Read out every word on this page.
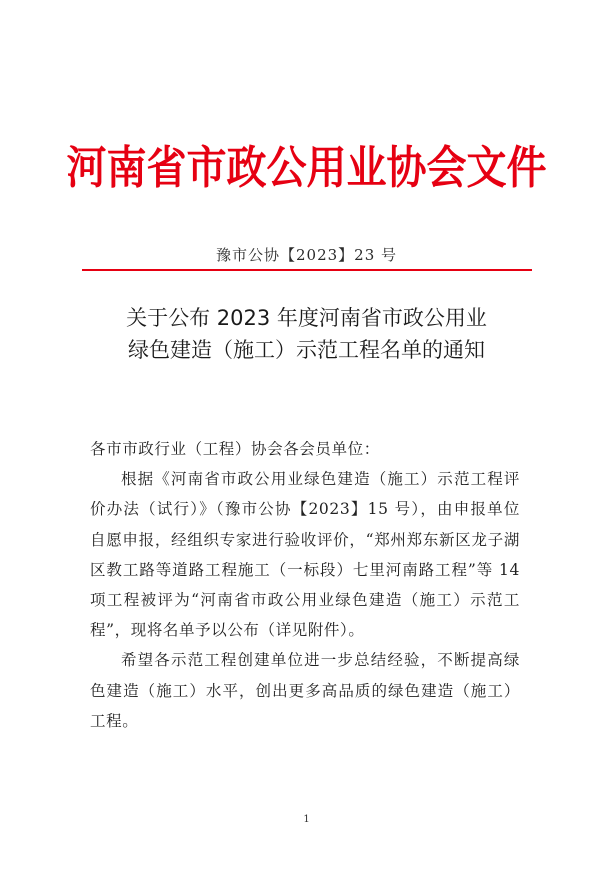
河南省市政公用业协会文件
豫市公协【2023】23 号
关于公布 2023 年度河南省市政公用业
绿色建造（施工）示范工程名单的通知

各市市政行业（工程）协会各会员单位：

根据《河南省市政公用业绿色建造（施工）示范工程评价办法（试行）》（豫市公协【2023】15 号），由申报单位自愿申报，经组织专家进行验收评价，“郑州郑东新区龙子湖区教工路等道路工程施工（一标段）七里河南路工程”等 14 项工程被评为“河南省市政公用业绿色建造（施工）示范工程”，现将名单予以公布（详见附件）。

希望各示范工程创建单位进一步总结经验，不断提高绿色建造（施工）水平，创出更多高品质的绿色建造（施工）工程。

1
